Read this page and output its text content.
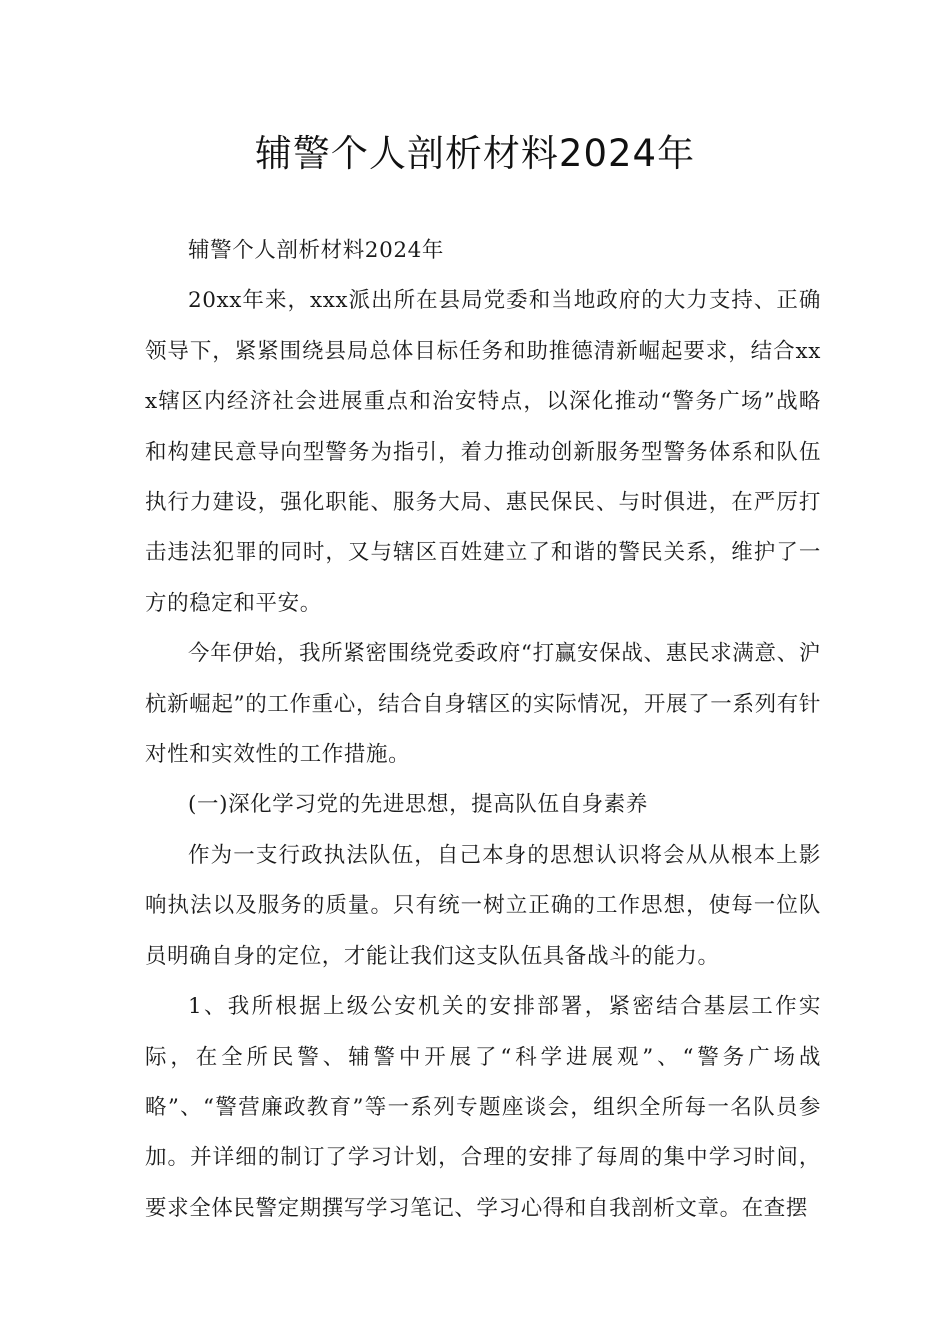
辅警个人剖析材料2024年

辅警个人剖析材料2024年

20xx年来，xxx派出所在县局党委和当地政府的大力支持、正确领导下，紧紧围绕县局总体目标任务和助推德清新崛起要求，结合xxx辖区内经济社会进展重点和治安特点，以深化推动“警务广场”战略和构建民意导向型警务为指引，着力推动创新服务型警务体系和队伍执行力建设，强化职能、服务大局、惠民保民、与时俱进，在严厉打击违法犯罪的同时，又与辖区百姓建立了和谐的警民关系，维护了一方的稳定和平安。

今年伊始，我所紧密围绕党委政府“打赢安保战、惠民求满意、沪杭新崛起”的工作重心，结合自身辖区的实际情况，开展了一系列有针对性和实效性的工作措施。

(一)深化学习党的先进思想，提高队伍自身素养

作为一支行政执法队伍，自己本身的思想认识将会从从根本上影响执法以及服务的质量。只有统一树立正确的工作思想，使每一位队员明确自身的定位，才能让我们这支队伍具备战斗的能力。

1、我所根据上级公安机关的安排部署，紧密结合基层工作实际，在全所民警、辅警中开展了“科学进展观”、“警务广场战略”、“警营廉政教育”等一系列专题座谈会，组织全所每一名队员参加。并详细的制订了学习计划，合理的安排了每周的集中学习时间，要求全体民警定期撰写学习笔记、学习心得和自我剖析文章。在查摆
